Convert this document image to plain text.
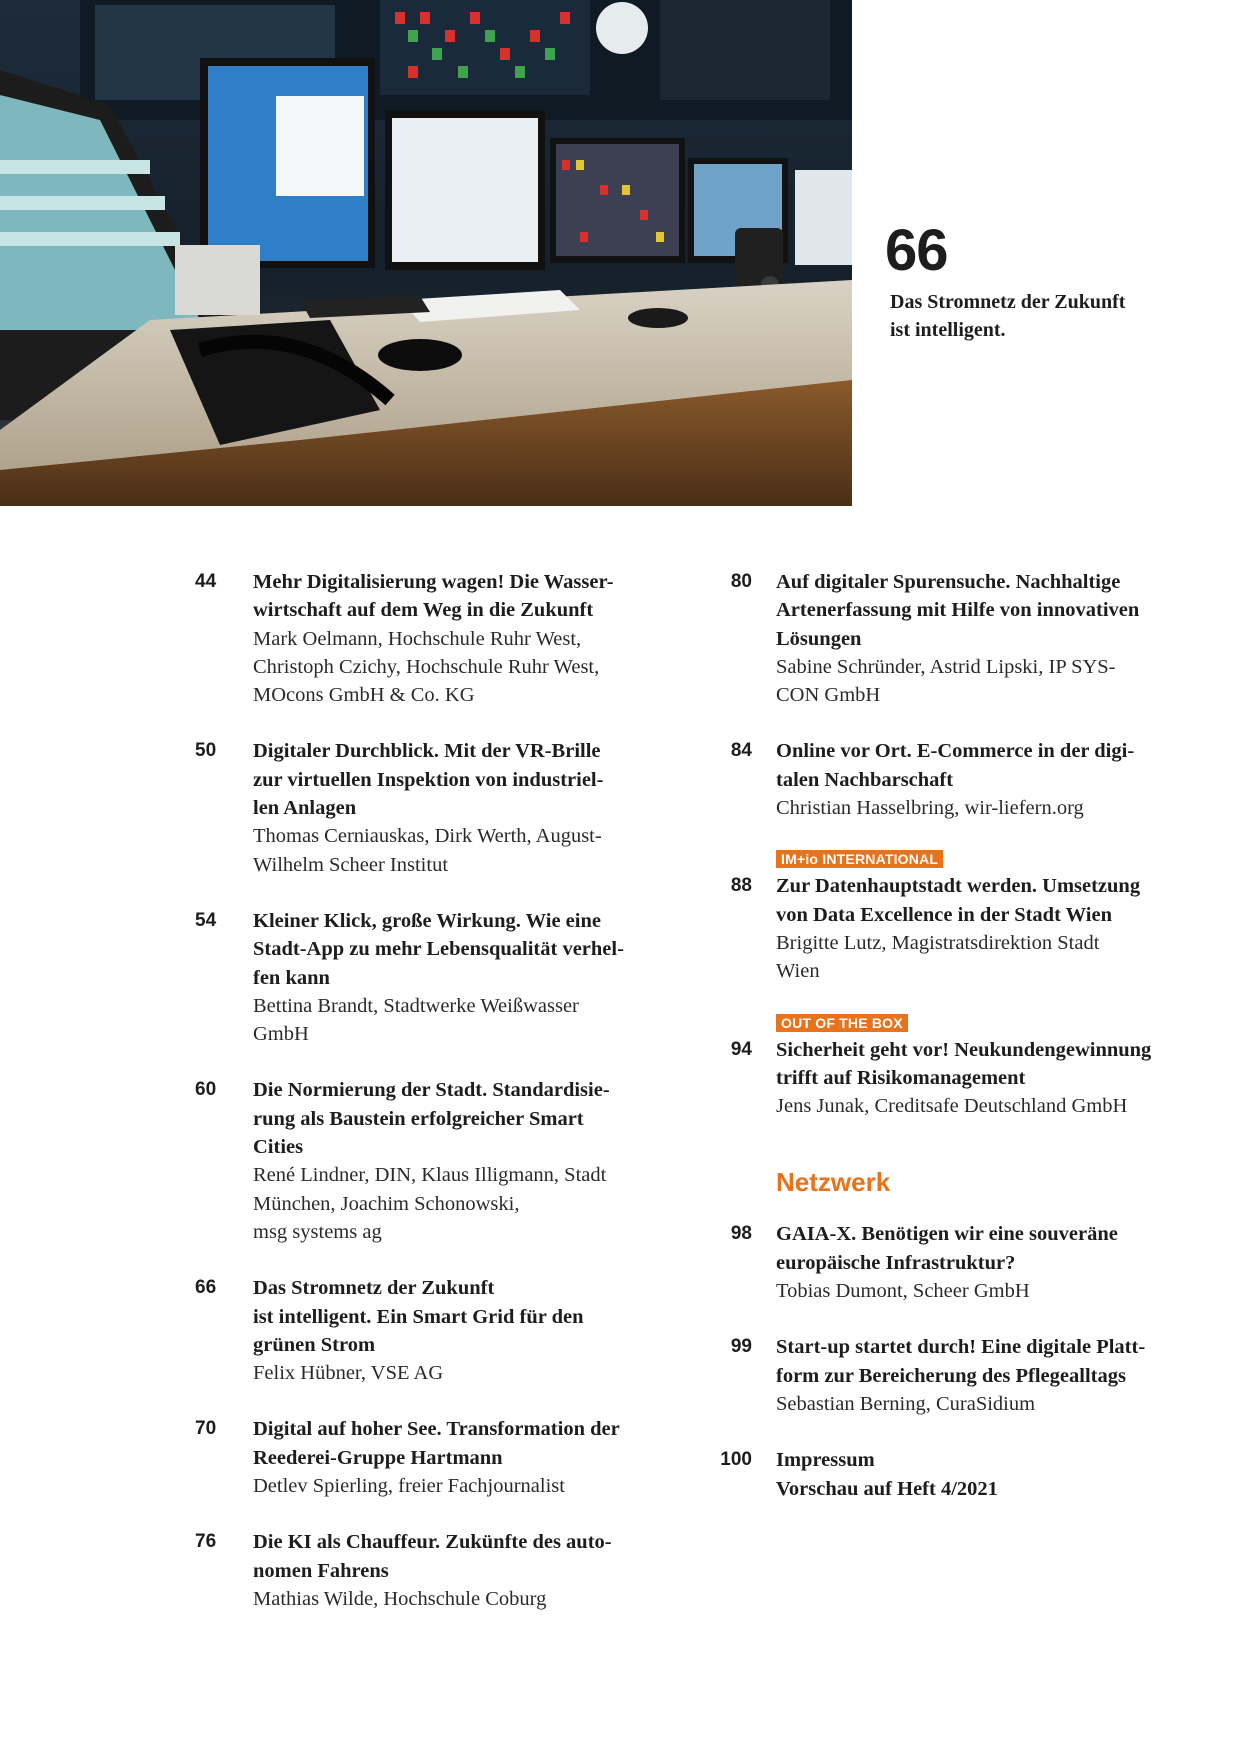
66
Das Stromnetz der Zukunft
ist intelligent.
44 Mehr Digitalisierung wagen! Die Wasser-
wirtschaft auf dem Weg in die Zukunft
Mark Oelmann, Hochschule Ruhr West,
Christoph Czichy, Hochschule Ruhr West,
MOcons GmbH & Co. KG
50 Digitaler Durchblick. Mit der VR-Brille
zur virtuellen Inspektion von industriel-
len Anlagen
Thomas Cerniauskas, Dirk Werth, August-
Wilhelm Scheer Institut
54 Kleiner Klick, große Wirkung. Wie eine
Stadt-App zu mehr Lebensqualität verhel-
fen kann
Bettina Brandt, Stadtwerke Weißwasser
GmbH
60 Die Normierung der Stadt. Standardisie-
rung als Baustein erfolgreicher Smart
Cities
René Lindner, DIN, Klaus Illigmann, Stadt
München, Joachim Schonowski,
msg systems ag
66 Das Stromnetz der Zukunft
ist intelligent. Ein Smart Grid für den
grünen Strom
Felix Hübner, VSE AG
70 Digital auf hoher See. Transformation der
Reederei-Gruppe Hartmann
Detlev Spierling, freier Fachjournalist
76 Die KI als Chauffeur. Zukünfte des auto-
nomen Fahrens
Mathias Wilde, Hochschule Coburg
80 Auf digitaler Spurensuche. Nachhaltige
Artenerfassung mit Hilfe von innovativen
Lösungen
Sabine Schründer, Astrid Lipski, IP SYS-
CON GmbH
84 Online vor Ort. E-Commerce in der digi-
talen Nachbarschaft
Christian Hasselbring, wir-liefern.org
IM+io INTERNATIONAL
88 Zur Datenhauptstadt werden. Umsetzung
von Data Excellence in der Stadt Wien
Brigitte Lutz, Magistratsdirektion Stadt
Wien
OUT OF THE BOX
94 Sicherheit geht vor! Neukundengewinnung
trifft auf Risikomanagement
Jens Junak, Creditsafe Deutschland GmbH
Netzwerk
98 GAIA-X. Benötigen wir eine souveräne
europäische Infrastruktur?
Tobias Dumont, Scheer GmbH
99 Start-up startet durch! Eine digitale Platt-
form zur Bereicherung des Pflegealltags
Sebastian Berning, CuraSidium
100 Impressum
Vorschau auf Heft 4/2021
